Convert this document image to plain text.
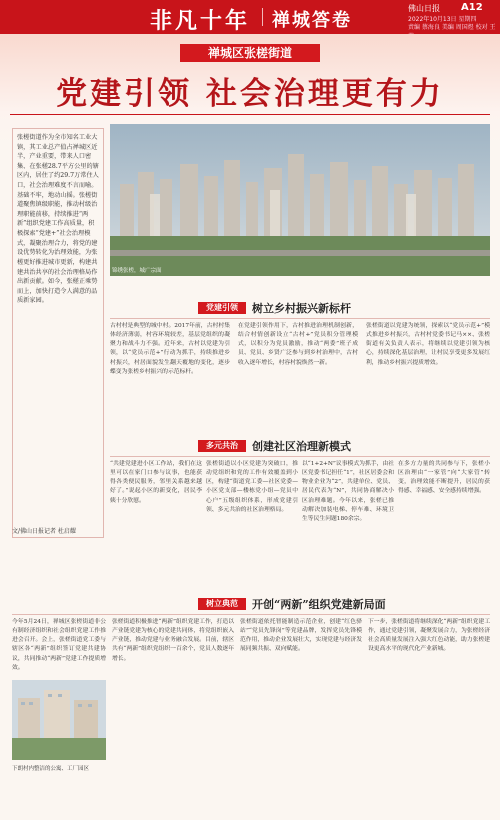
非凡十年 禅城答卷
佛山日报 A12
2022年10月13日 星期四
责编 蔡海良 美编 周国煜 校对 王
禅城区张槎街道
党建引领 社会治理更有力
张槎街道作为全市知名工业大镇，其工业总产值占禅城区近半，产业重要，带来人口密集、在张槎28.7平方公里的辖区内，居住了约29.7万常住人口，社会治理难度不言而喻。基础不牢，地动山摇。张槎街道聚焦镇级职能，推动村级治理职能前移，持续推进“两新”组织党建工作高质量，积极探索“党建+”社会治理模式，凝聚治理合力，将党的建设优势转化为治理效能，为张槎更好推进城市更新，构建共建共治共享的社会治理格局作出新贡献。如今，张槎正乘势而上，加快打造令人满意的品质新家园。
文/佛山日报记者 杜启耀
锦绣张槎，城广宗面
党建引领	树立乡村振兴新标杆
古村村是典型的城中村。2017年前，古村村集体经济薄弱，村容环境较差，基层党组织的凝聚力和战斗力不强。近年来，古村以党建为引领，以“党员示范+”行动为抓手，持续推进乡村振兴，村居面貌发生翻天覆地的变化，逐步蝶变为张槎乡村振兴的示范标杆。
在党建引领作用下，古村推进治理机制创新，结合村情创新设立“古村+”党员积分管理模式，以积分为党员激励，推动“两委”班子成员、党员、乡贤广泛参与到乡村治理中，古村收入逐年增长，村容村貌焕然一新。
张槎街道以党建为统领，探索以“党员示范+”模式推进乡村振兴，古村村党委书记马××、张槎街道有关负责人表示，将继续以党建引领为核心，持续深化基层治理，让村民享受更多发展红利，推动乡村振兴提质增效。
多元共治	创建社区治理新模式
“共建党建进小区工作站，我们在这里可以在家门口参与议事，也能获得各类便民服务，邻里关系越来越好了。”说起小区的新变化，居民李姨十分欣慰。
张槎街道以小区党建为突破口，推动党组织和党的工作有效覆盖到小区，构建“街道党工委—社区党委—小区党支部—楼栋党小组—党员中心户”五级组织体系，形成党建引领、多元共治的社区治理格局。
以“1+2+N”议事模式为抓手，由社区党委书记担任“1”，社区居委会和物业企业为“2”，共建单位、党员、居民代表为“N”，共同协商解决小区治理难题。今年以来，张槎已推动解决加装电梯、停车难、环境卫生等民生问题180余宗。
在多方力量的共同参与下，张槎小区治理由“一家管”向“大家管”转变，治理效能不断提升，居民的获得感、幸福感、安全感持续增强。
树立典范	开创“两新”组织党建新局面
今年5月24日，禅城区张槎街道非公有制经济组织和社会组织党建工作推进会召开。会上，张槎街道党工委与辖区各“两新”组织签订党建共建协议，共同推动“两新”党建工作提质增效。
张槎街道积极推进“两新”组织党建工作，打造以产业链党建为核心的党建共同体，将党组织嵌入产业链，推动党建与业务融合发展。目前，辖区共有“两新”组织党组织一百余个，党员人数逐年增长。
张槎街道依托智能制造示范企业，创建“红色驿站”“党员先锋岗”等党建品牌，发挥党员先锋模范作用，推动企业发展壮大，实现党建与经济发展同频共振、双向赋能。
下一步，张槎街道将继续深化“两新”组织党建工作，通过党建引领，凝聚发展合力，为张槎经济社会高质量发展注入强大红色动能，助力张槎建设更高水平的现代化产业新城。
下朗村内整洁的公寓、工厂园区
